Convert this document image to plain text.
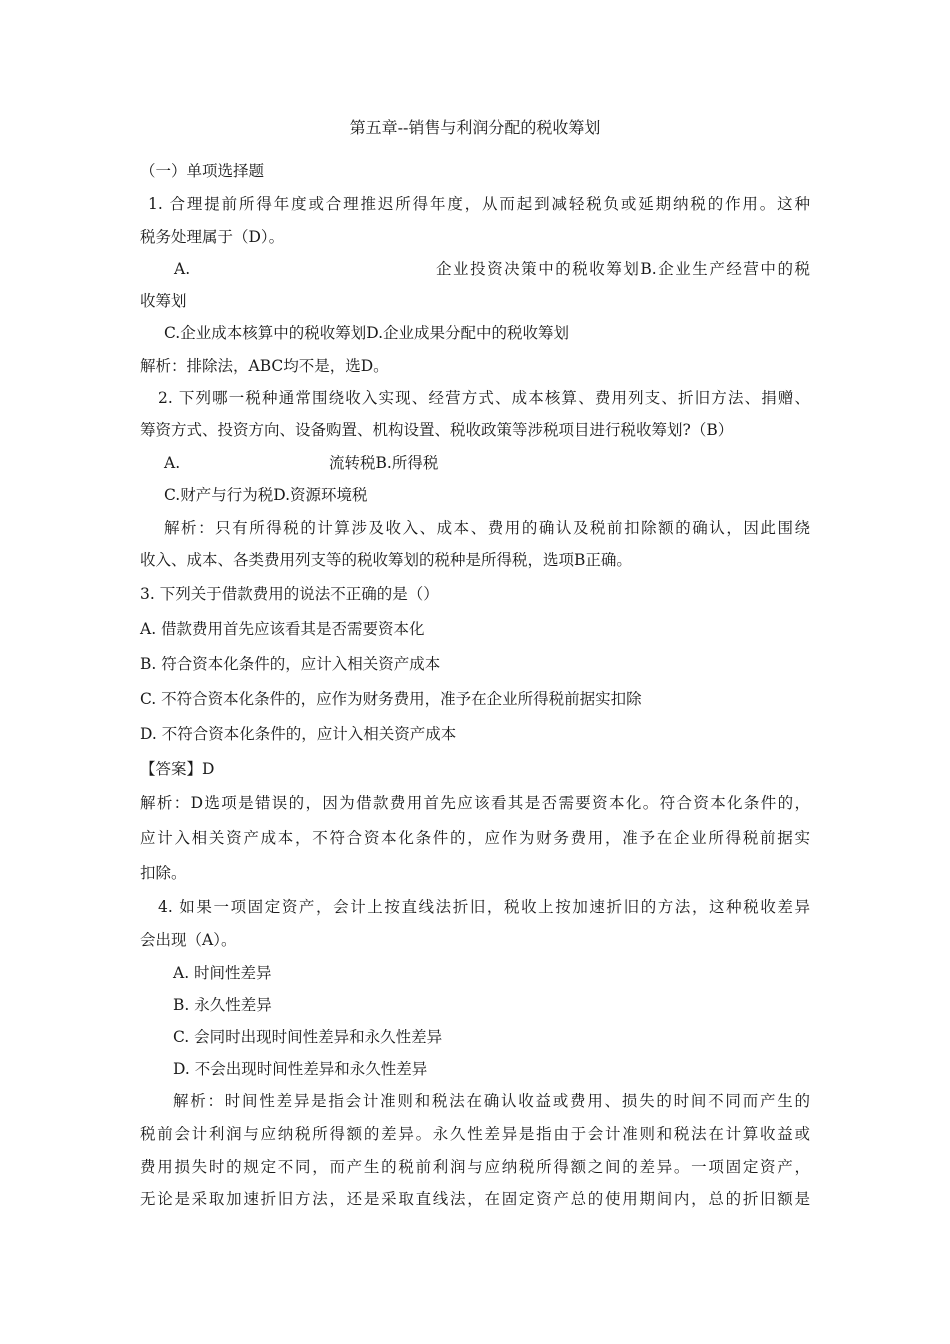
第五章--销售与利润分配的税收筹划
（一）单项选择题
1. 合理提前所得年度或合理推迟所得年度，从而起到减轻税负或延期纳税的作用。这种
税务处理属于（D）。
A.	企业投资决策中的税收筹划B.企业生产经营中的税
收筹划
C.企业成本核算中的税收筹划D.企业成果分配中的税收筹划
解析：排除法，ABC均不是，选D。
2. 下列哪一税种通常围绕收入实现、经营方式、成本核算、费用列支、折旧方法、捐赠、
筹资方式、投资方向、设备购置、机构设置、税收政策等涉税项目进行税收筹划?（B）
A.	流转税B.所得税
C.财产与行为税D.资源环境税
解析：只有所得税的计算涉及收入、成本、费用的确认及税前扣除额的确认，因此围绕
收入、成本、各类费用列支等的税收筹划的税种是所得税，选项B正确。
3. 下列关于借款费用的说法不正确的是（）
A. 借款费用首先应该看其是否需要资本化
B. 符合资本化条件的，应计入相关资产成本
C. 不符合资本化条件的，应作为财务费用，准予在企业所得税前据实扣除
D. 不符合资本化条件的，应计入相关资产成本
【答案】D
解析：D选项是错误的，因为借款费用首先应该看其是否需要资本化。符合资本化条件的，
应计入相关资产成本，不符合资本化条件的，应作为财务费用，准予在企业所得税前据实
扣除。
4. 如果一项固定资产，会计上按直线法折旧，税收上按加速折旧的方法，这种税收差异
会出现（A）。
A. 时间性差异
B. 永久性差异
C. 会同时出现时间性差异和永久性差异
D. 不会出现时间性差异和永久性差异
解析：时间性差异是指会计准则和税法在确认收益或费用、损失的时间不同而产生的
税前会计利润与应纳税所得额的差异。永久性差异是指由于会计准则和税法在计算收益或
费用损失时的规定不同，而产生的税前利润与应纳税所得额之间的差异。一项固定资产，
无论是采取加速折旧方法，还是采取直线法，在固定资产总的使用期间内，总的折旧额是
